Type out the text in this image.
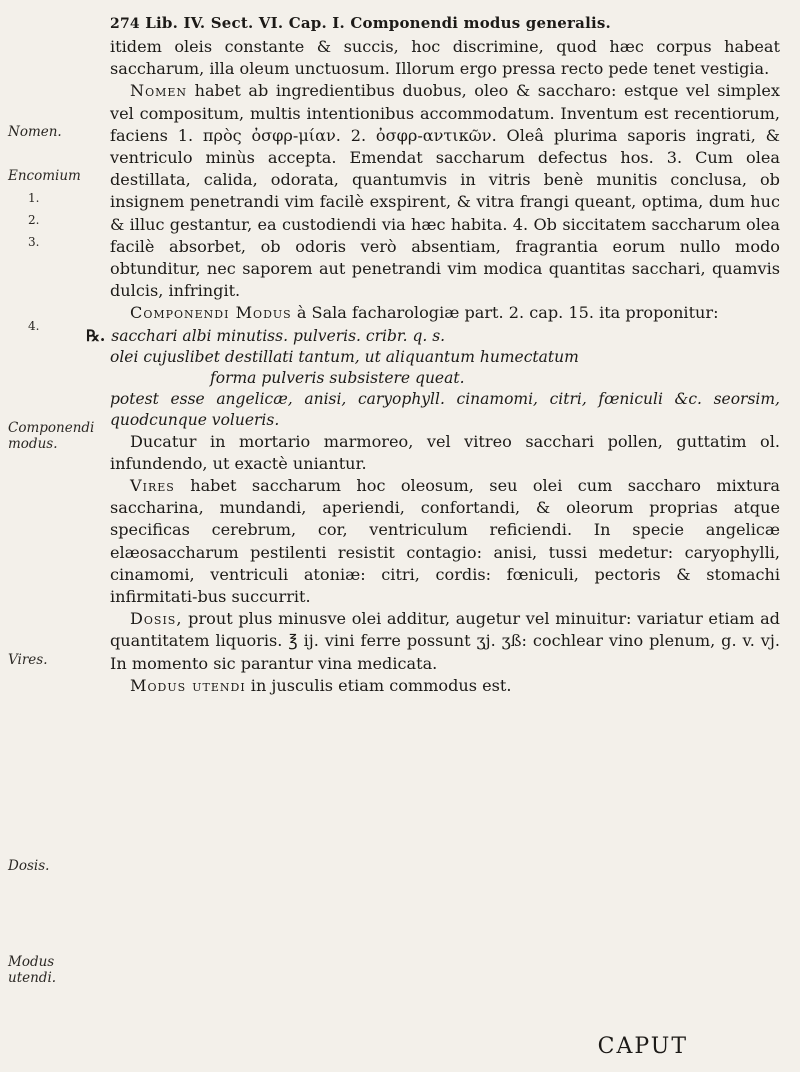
274 Lib. IV. Sect. VI. Cap. I. Componendi modus generalis.
Nomen.
Encomium
1.
2.
3.
4.
Componendi modus.
Vires.
Dosis.
Modus utendi.

itidem oleis constante & succis, hoc discrimine, quod hæc corpus habeat saccharum, illa oleum unctuosum. Illorum ergo pressa recto pede tenet vestigia.

Nomen habet ab ingredientibus duobus, oleo & saccharo: estque vel simplex vel compositum, multis intentionibus accommodatum. Inventum est recentiorum, faciens 1. πρὸς ὀσφρ-μίαν. 2. ὀσφρ-αντικῶν. Oleâ plurima saporis ingrati, & ventriculo minùs accepta. Emendat saccharum defectus hos. 3. Cum olea destillata, calida, odorata, quantumvis in vitris benè munitis conclusa, ob insignem penetrandi vim facilè exspirent, & vitra frangi queant, optima, dum huc & illuc gestantur, ea custodiendi via hæc habita. 4. Ob siccitatem saccharum olea facilè absorbet, ob odoris verò absentiam, fragrantia eorum nullo modo obtunditur, nec saporem aut penetrandi vim modica quantitas sacchari, quamvis dulcis, infringit.

Componendi Modus à Sala facharologiæ part. 2. cap. 15. ita proponitur:

℞. sacchari albi minutiss. pulveris. cribr. q. s.

olei cujuslibet destillati tantum, ut aliquantum humectatum

forma pulveris subsistere queat.

potest esse angelicæ, anisi, caryophyll. cinamomi, citri, fœniculi &c. seorsim, quodcunque volueris.

Ducatur in mortario marmoreo, vel vitreo sacchari pollen, guttatim ol. infundendo, ut exactè uniantur.

Vires habet saccharum hoc oleosum, seu olei cum saccharo mixtura saccharina, mundandi, aperiendi, confortandi, & oleorum proprias atque specificas cerebrum, cor, ventriculum reficiendi. In specie angelicæ elæosaccharum pestilenti resistit contagio: anisi, tussi medetur: caryophylli, cinamomi, ventriculi atoniæ: citri, cordis: fœniculi, pectoris & stomachi infirmitati-bus succurrit.

Dosis, prout plus minusve olei additur, augetur vel minuitur: variatur etiam ad quantitatem liquoris. ℥ ij. vini ferre possunt ʒj. ʒß: cochlear vino plenum, g. v. vj. In momento sic parantur vina medicata.

Modus utendi in jusculis etiam commodus est.

CAPUT
